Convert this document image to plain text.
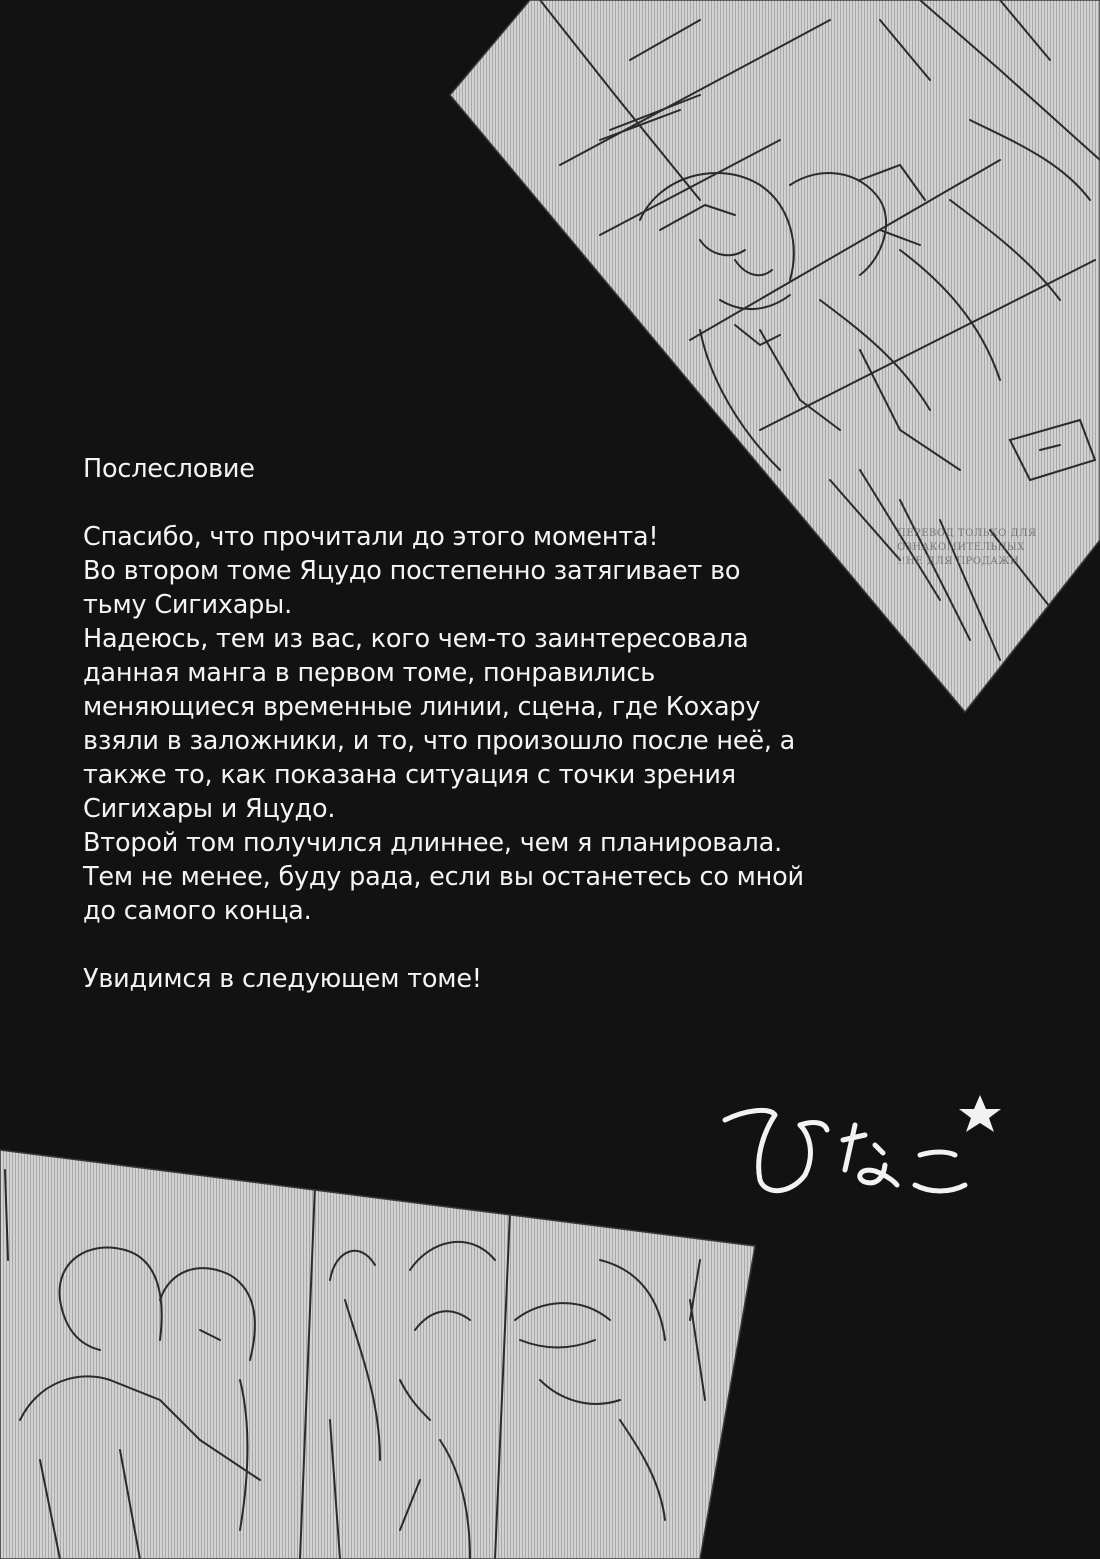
ПЕРЕВОД ТОЛЬКО ДЛЯ
ОЗНАКОМИТЕЛЬНЫХ
!!НЕ ДЛЯ ПРОДАЖИ
Послесловие
Спасибо, что прочитали до этого момента!
Во втором томе Яцудо постепенно затягивает во
тьму Сигихары.
Надеюсь, тем из вас, кого чем-то заинтересовала
данная манга в первом томе, понравились
меняющиеся временные линии, сцена, где Кохару
взяли в заложники, и то, что произошло после неё, а
также то, как показана ситуация с точки зрения
Сигихары и Яцудо.
Второй том получился длиннее, чем я планировала.
Тем не менее, буду рада, если вы останетесь со мной
до самого конца.
Увидимся в следующем томе!
